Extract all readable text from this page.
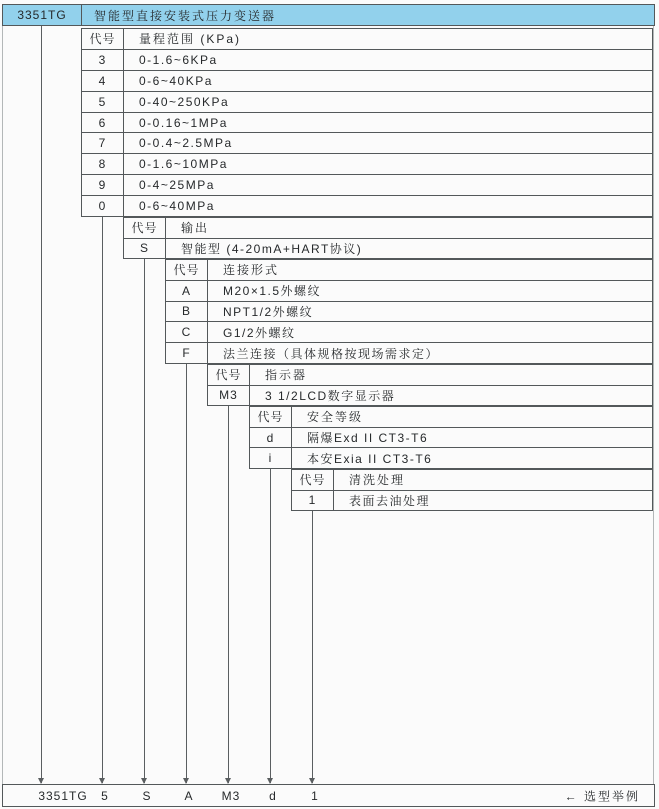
3351TG	智能型直接安装式压力变送器
代号	量程范围 (KPa)
3	0-1.6~6KPa
4	0-6~40KPa
5	0-40~250KPa
6	0-0.16~1MPa
7	0-0.4~2.5MPa
8	0-1.6~10MPa
9	0-4~25MPa
0	0-6~40MPa
代号	输出
S	智能型 (4-20mA+HART协议)
代号	连接形式
A	M20×1.5外螺纹
B	NPT1/2外螺纹
C	G1/2外螺纹
F	法兰连接（具体规格按现场需求定）
代号	指示器
M3	3 1/2LCD数字显示器
代号	安全等级
d	隔爆Exd II CT3-T6
i	本安Exia II CT3-T6
代号	清洗处理
1	表面去油处理
3351TG 5	S	A M3 d	1	← 选型举例
